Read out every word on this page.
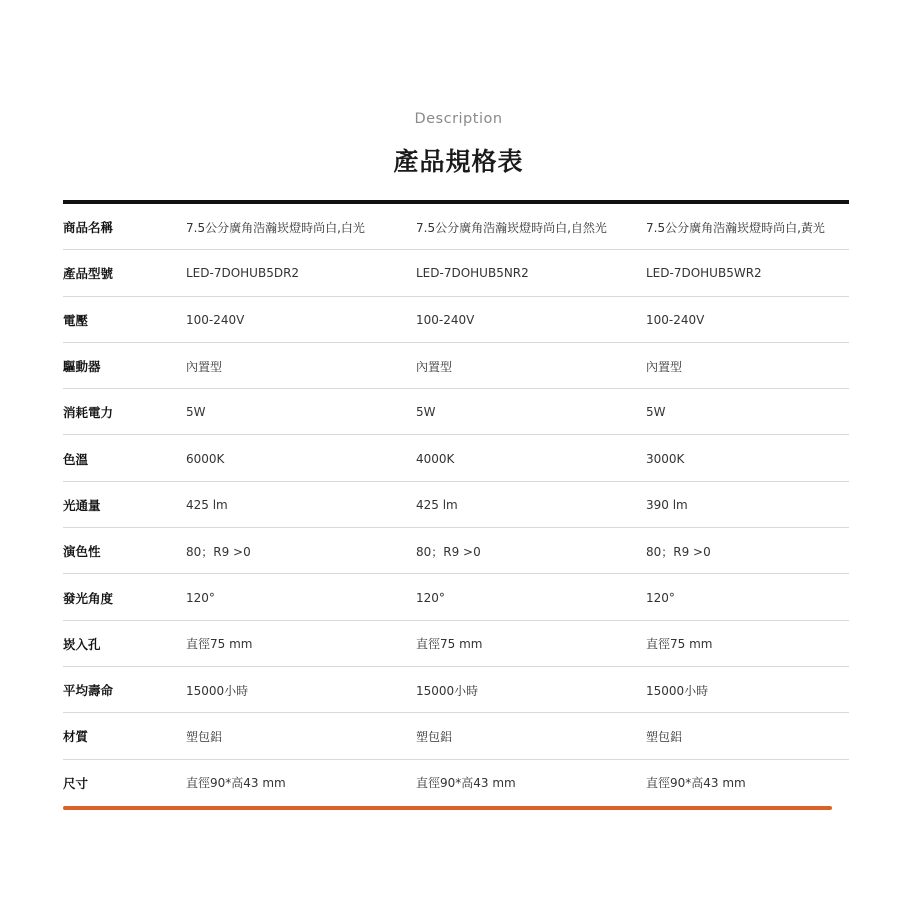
Description
產品規格表
商品名稱	7.5公分廣角浩瀚崁燈時尚白,白光	7.5公分廣角浩瀚崁燈時尚白,自然光	7.5公分廣角浩瀚崁燈時尚白,黃光
產品型號	LED-7DOHUB5DR2	LED-7DOHUB5NR2	LED-7DOHUB5WR2
電壓	100-240V	100-240V	100-240V
驅動器	內置型	內置型	內置型
消耗電力	5W	5W	5W
色溫	6000K	4000K	3000K
光通量	425 lm	425 lm	390 lm
演色性	80；R9 >0	80；R9 >0	80；R9 >0
發光角度	120°	120°	120°
崁入孔	直徑75 mm	直徑75 mm	直徑75 mm
平均壽命	15000小時	15000小時	15000小時
材質	塑包鋁	塑包鋁	塑包鋁
尺寸	直徑90*高43 mm	直徑90*高43 mm	直徑90*高43 mm
